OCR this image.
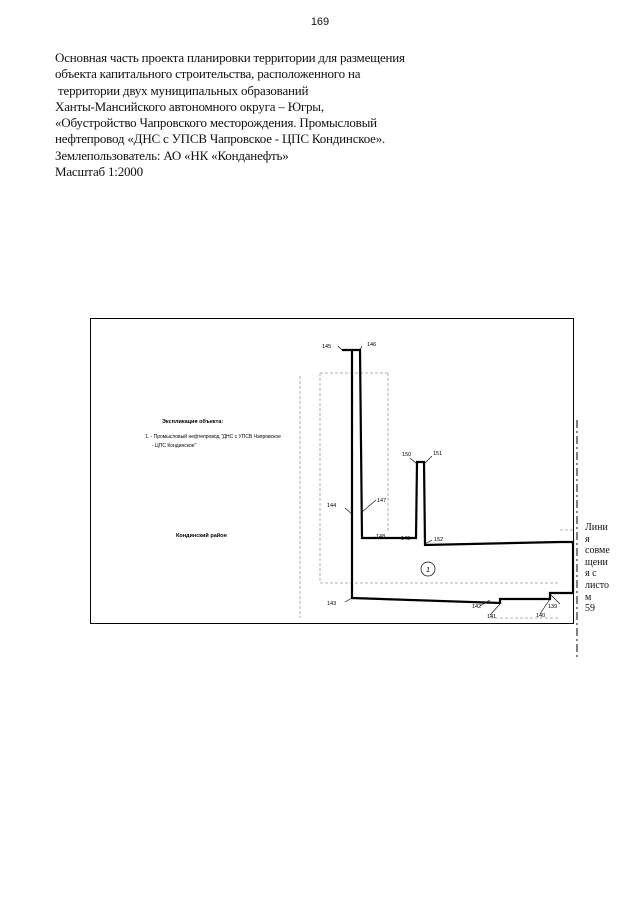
169
Основная часть проекта планировки территории для размещения
объекта капитального строительства, расположенного на
территории двух муниципальных образований
Ханты-Мансийского автономного округа – Югры,
«Обустройство Чапровского месторождения. Промысловый
нефтепровод «ДНС с УПСВ Чапровское - ЦПС Кондинское».
Землепользователь: АО «НК «Конданефть»
Масштаб 1:2000
145	146
144
147
148	149
150	151
152
143	142
141	140
139
1
Экспликация объекта:
1. - Промысловый нефтепровод "ДНС с УПСВ Чапровское
- ЦПС Кондинское"
Кондинский район
Лини
я
совме
щени
я с
листо
м
59
